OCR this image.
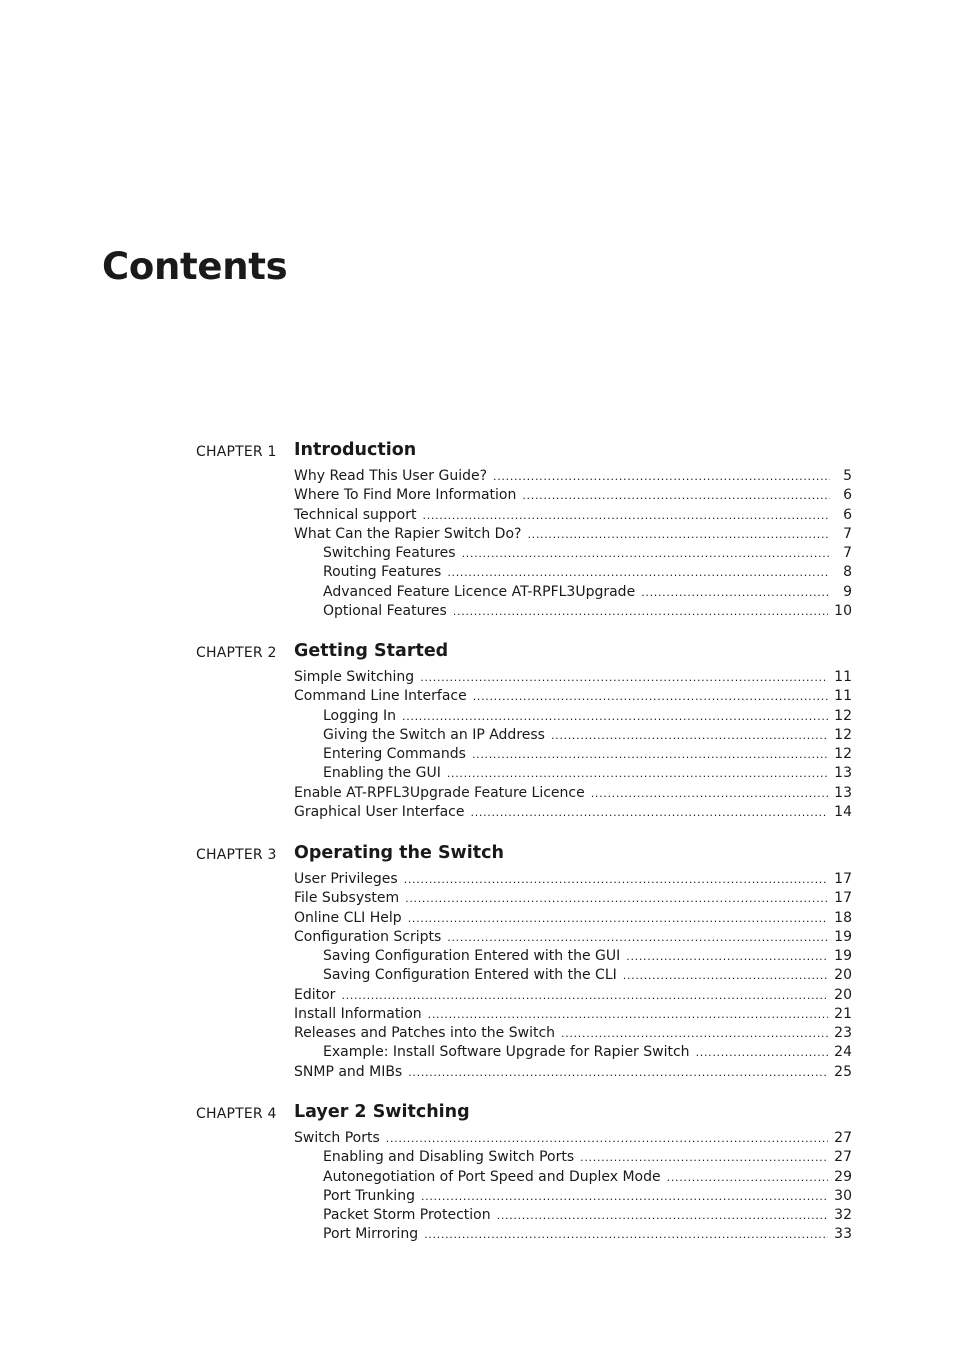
Contents
CHAPTER 1 Introduction
Why Read This User Guide? . . .	5
Where To Find More Information . . .	6
Technical support . . .	6
What Can the Rapier Switch Do? . . .	7
Switching Features . . .	7
Routing Features . . .	8
Advanced Feature Licence AT-RPFL3Upgrade . . .	9
Optional Features . . .	10
CHAPTER 2 Getting Started
Simple Switching . . .	11
Command Line Interface . . .	11
Logging In . . .	12
Giving the Switch an IP Address . . .	12
Entering Commands . . .	12
Enabling the GUI . . .	13
Enable AT-RPFL3Upgrade Feature Licence . . .	13
Graphical User Interface . . .	14
CHAPTER 3 Operating the Switch
User Privileges . . .	17
File Subsystem . . .	17
Online CLI Help . . .	18
Configuration Scripts . . .	19
Saving Configuration Entered with the GUI . . .	19
Saving Configuration Entered with the CLI . . .	20
Editor . . .	20
Install Information . . .	21
Releases and Patches into the Switch . . .	23
Example: Install Software Upgrade for Rapier Switch . . .	24
SNMP and MIBs . . .	25
CHAPTER 4 Layer 2 Switching
Switch Ports . . .	27
Enabling and Disabling Switch Ports . . .	27
Autonegotiation of Port Speed and Duplex Mode . . .	29
Port Trunking . . .	30
Packet Storm Protection . . .	32
Port Mirroring . . .	33
